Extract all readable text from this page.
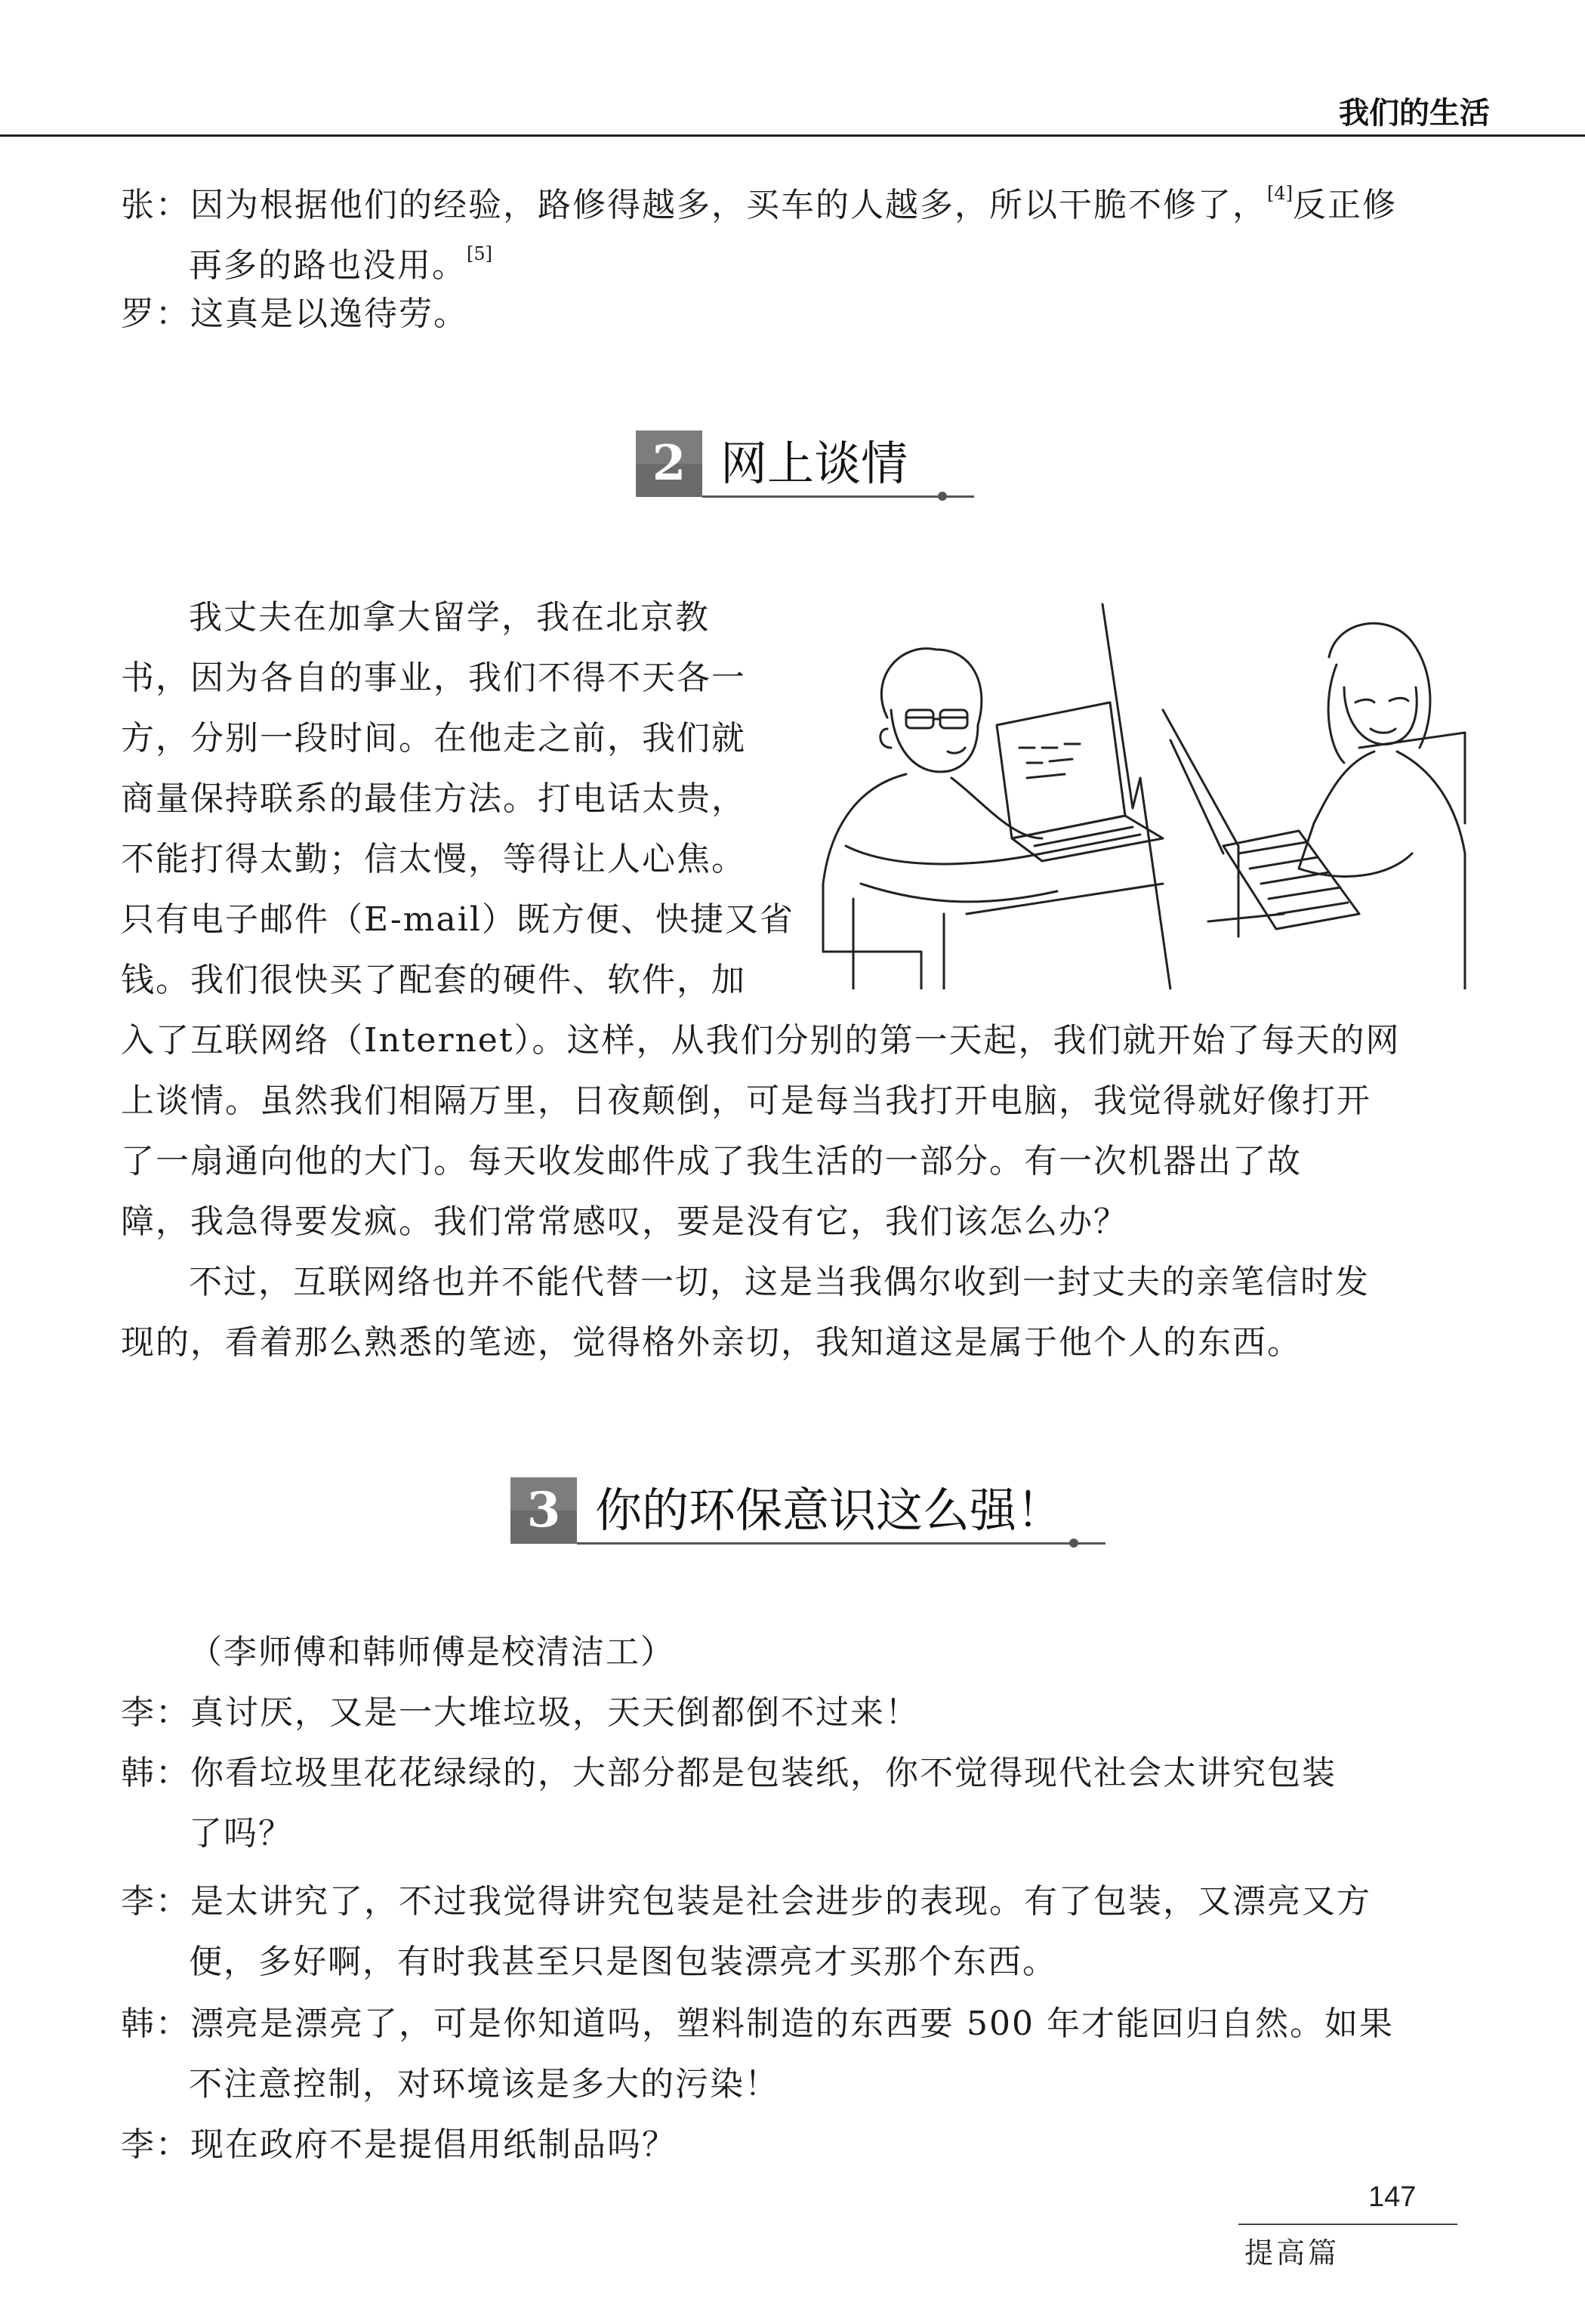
我们的生活
张：因为根据他们的经验，路修得越多，买车的人越多，所以干脆不修了，[4]反正修
再多的路也没用。[5]
罗：这真是以逸待劳。
2 网上谈情
我丈夫在加拿大留学，我在北京教
书，因为各自的事业，我们不得不天各一
方，分别一段时间。在他走之前，我们就
商量保持联系的最佳方法。打电话太贵，
不能打得太勤；信太慢，等得让人心焦。
只有电子邮件（E-mail）既方便、快捷又省
钱。我们很快买了配套的硬件、软件，加
入了互联网络（Internet）。这样，从我们分别的第一天起，我们就开始了每天的网
上谈情。虽然我们相隔万里，日夜颠倒，可是每当我打开电脑，我觉得就好像打开
了一扇通向他的大门。每天收发邮件成了我生活的一部分。有一次机器出了故
障，我急得要发疯。我们常常感叹，要是没有它，我们该怎么办？
不过，互联网络也并不能代替一切，这是当我偶尔收到一封丈夫的亲笔信时发
现的，看着那么熟悉的笔迹，觉得格外亲切，我知道这是属于他个人的东西。
3 你的环保意识这么强！
（李师傅和韩师傅是校清洁工）
李：真讨厌，又是一大堆垃圾，天天倒都倒不过来！
韩：你看垃圾里花花绿绿的，大部分都是包装纸，你不觉得现代社会太讲究包装
了吗？
李：是太讲究了，不过我觉得讲究包装是社会进步的表现。有了包装，又漂亮又方
便，多好啊，有时我甚至只是图包装漂亮才买那个东西。
韩：漂亮是漂亮了，可是你知道吗，塑料制造的东西要 500 年才能回归自然。如果
不注意控制，对环境该是多大的污染！
李：现在政府不是提倡用纸制品吗？
147
提高篇
